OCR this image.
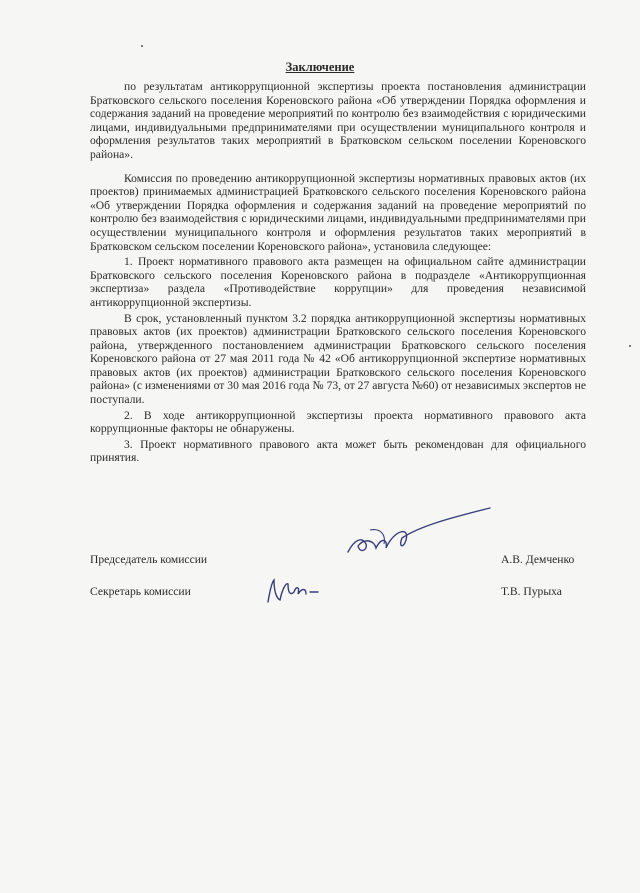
Заключение

по результатам антикоррупционной экспертизы проекта постановления администрации Братковского сельского поселения Кореновского района «Об утверждении Порядка оформления и содержания заданий на проведение мероприятий по контролю без взаимодействия с юридическими лицами, индивидуальными предпринимателями при осуществлении муниципального контроля и оформления результатов таких мероприятий в Братковском сельском поселении Кореновского района».

Комиссия по проведению антикоррупционной экспертизы нормативных правовых актов (их проектов) принимаемых администрацией Братковского сельского поселения Кореновского района «Об утверждении Порядка оформления и содержания заданий на проведение мероприятий по контролю без взаимодействия с юридическими лицами, индивидуальными предпринимателями при осуществлении муниципального контроля и оформления результатов таких мероприятий в Братковском сельском поселении Кореновского района», установила следующее:

1. Проект нормативного правового акта размещен на официальном сайте администрации Братковского сельского поселения Кореновского района в подразделе «Антикоррупционная экспертиза» раздела «Противодействие коррупции» для проведения независимой антикоррупционной экспертизы.

В срок, установленный пунктом 3.2 порядка антикоррупционной экспертизы нормативных правовых актов (их проектов) администрации Братковского сельского поселения Кореновского района, утвержденного постановлением администрации Братковского сельского поселения Кореновского района от 27 мая 2011 года № 42 «Об антикоррупционной экспертизе нормативных правовых актов (их проектов) администрации Братковского сельского поселения Кореновского района» (с изменениями от 30 мая 2016 года № 73, от 27 августа №60) от независимых экспертов не поступали.

2. В ходе антикоррупционной экспертизы проекта нормативного правового акта коррупционные факторы не обнаружены.

3. Проект нормативного правового акта может быть рекомендован для официального принятия.

Председатель комиссии	А.В. Демченко
Секретарь комиссии	Т.В. Пурыха
